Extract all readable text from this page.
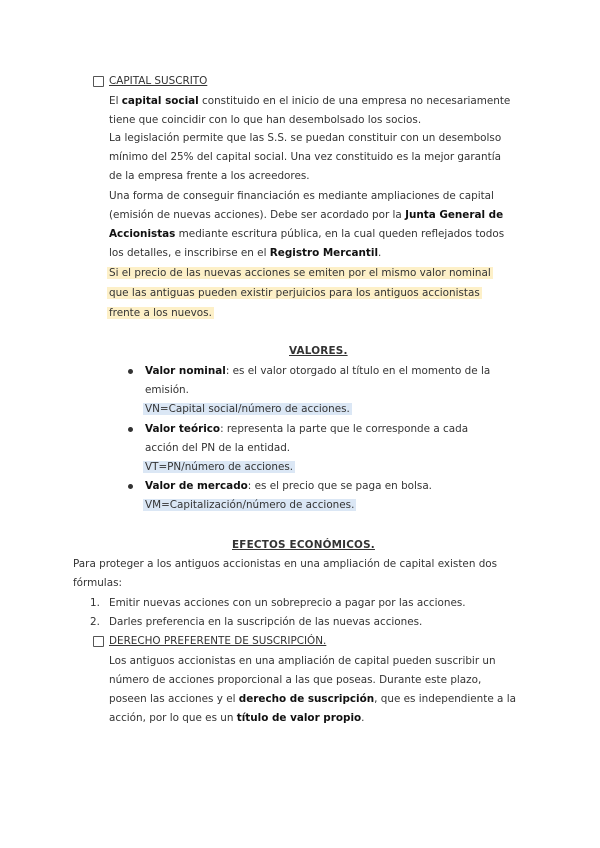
CAPITAL SUSCRITO
El capital social constituido en el inicio de una empresa no necesariamente
tiene que coincidir con lo que han desembolsado los socios.
La legislación permite que las S.S. se puedan constituir con un desembolso
mínimo del 25% del capital social. Una vez constituido es la mejor garantía
de la empresa frente a los acreedores.
Una forma de conseguir financiación es mediante ampliaciones de capital
(emisión de nuevas acciones). Debe ser acordado por la Junta General de
Accionistas mediante escritura pública, en la cual queden reflejados todos
los detalles, e inscribirse en el Registro Mercantil.
Si el precio de las nuevas acciones se emiten por el mismo valor nominal
que las antiguas pueden existir perjuicios para los antiguos accionistas
frente a los nuevos.
VALORES.
Valor nominal: es el valor otorgado al título en el momento de la
emisión.
VN=Capital social/número de acciones.
Valor teórico: representa la parte que le corresponde a cada
acción del PN de la entidad.
VT=PN/número de acciones.
Valor de mercado: es el precio que se paga en bolsa.
VM=Capitalización/número de acciones.
EFECTOS ECONÓMICOS.
Para proteger a los antiguos accionistas en una ampliación de capital existen dos
fórmulas:
1. Emitir nuevas acciones con un sobreprecio a pagar por las acciones.
2. Darles preferencia en la suscripción de las nuevas acciones.
DERECHO PREFERENTE DE SUSCRIPCIÓN.
Los antiguos accionistas en una ampliación de capital pueden suscribir un
número de acciones proporcional a las que poseas. Durante este plazo,
poseen las acciones y el derecho de suscripción, que es independiente a la
acción, por lo que es un título de valor propio.
